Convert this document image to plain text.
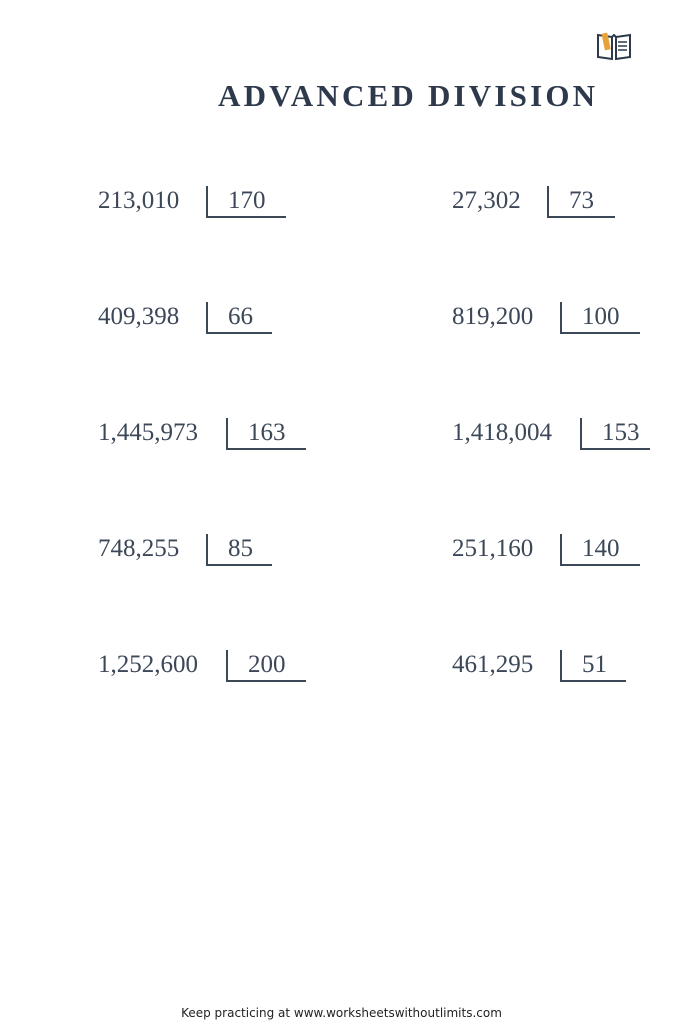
ADVANCED DIVISION
213,010 170
409,398 66
1,445,973 163
748,255 85
1,252,600 200
27,302 73
819,200 100
1,418,004 153
251,160 140
461,295 51
Keep practicing at www.worksheetswithoutlimits.com
